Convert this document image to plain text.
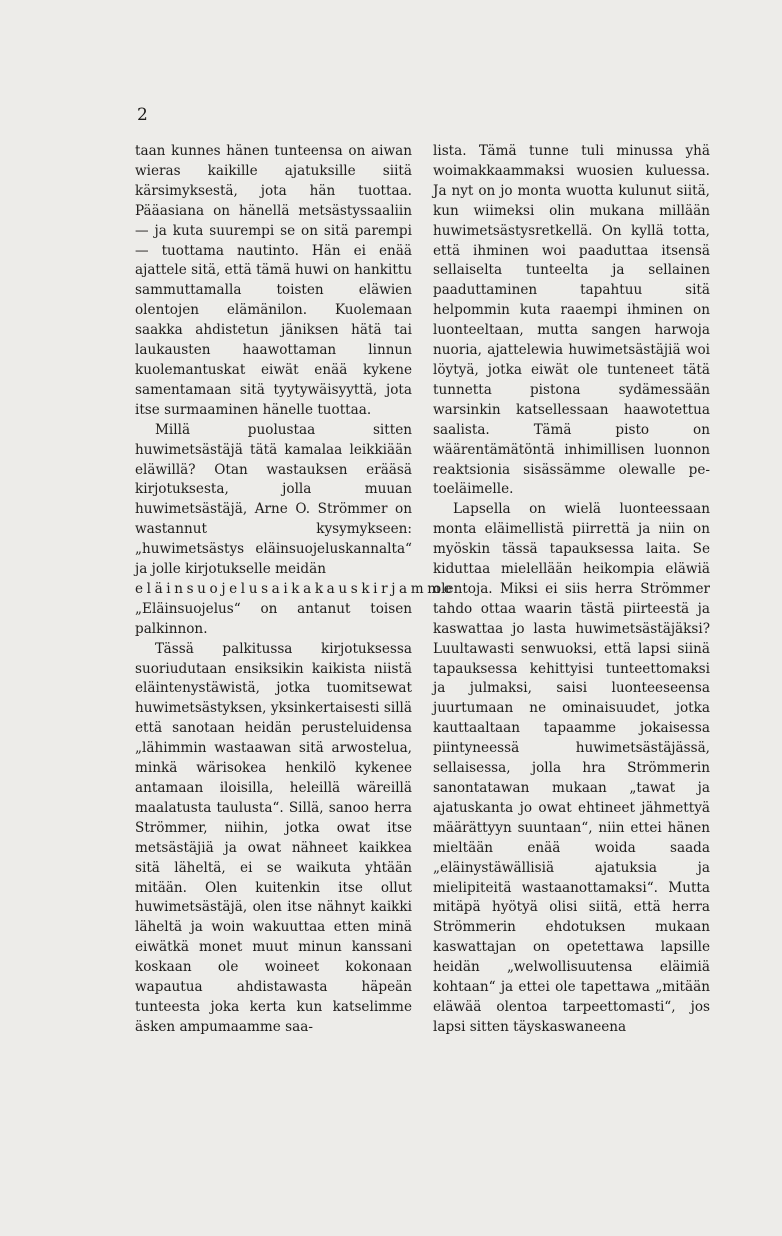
2

taan kunnes hänen tunteensa on aiwan wieras kaikille ajatuksille siitä kärsimyksestä, jota hän tuottaa. Pääasiana on hänellä metsästyssaaliin — ja kuta suurempi se on sitä parempi — tuottama nautinto. Hän ei enää ajattele sitä, että tämä huwi on hankittu sammuttamalla toisten eläwien olentojen elämänilon. Kuolemaan saakka ahdistetun jäniksen hätä tai laukausten haawottaman linnun kuolemantuskat eiwät enää kykene samentamaan sitä tyytywäisyyttä, jota itse surmaaminen hänelle tuottaa.

Millä puolustaa sitten huwimetsästäjä tätä kamalaa leikkiään eläwillä? Otan wastauksen erääsä kirjotuksesta, jolla muuan huwimetsästäjä, Arne O. Strömmer on wastannut kysymykseen: „huwimetsästys eläinsuojeluskannalta“ ja jolle kirjotukselle meidän

eläinsuojelusaikakauskirjamme

„Eläinsuojelus“ on antanut toisen palkinnon.

Tässä palkitussa kirjotuksessa suoriudutaan ensiksikin kaikista niistä eläintenystäwistä, jotka tuomitsewat huwimetsästyksen, yksinkertaisesti sillä että sanotaan heidän perusteluidensa „lähimmin wastaawan sitä arwostelua, minkä wärisokea henkilö kykenee antamaan iloisilla, heleillä wäreillä maalatusta taulusta“. Sillä, sanoo herra Strömmer, niihin, jotka owat itse metsästäjiä ja owat nähneet kaikkea sitä läheltä, ei se waikuta yhtään mitään. Olen kuitenkin itse ollut huwimetsästäjä, olen itse nähnyt kaikki läheltä ja woin wakuuttaa etten minä eiwätkä monet muut minun kanssani koskaan ole woineet kokonaan wapautua ahdistawasta häpeän tunteesta joka kerta kun katselimme äsken ampumaamme saa-

lista. Tämä tunne tuli minussa yhä woimakkaammaksi wuosien kuluessa. Ja nyt on jo monta wuotta kulunut siitä, kun wiimeksi olin mukana millään huwimetsästysretkellä. On kyllä totta, että ihminen woi paaduttaa itsensä sellaiselta tunteelta ja sellainen paaduttaminen tapahtuu sitä helpommin kuta raaempi ihminen on luonteeltaan, mutta sangen harwoja nuoria, ajattelewia huwimetsästäjiä woi löytyä, jotka eiwät ole tunteneet tätä tunnetta pistona sydämessään warsinkin katsellessaan haawotettua saalista. Tämä pisto on wäärentämätöntä inhimillisen luonnon reaktsionia sisässämme olewalle pe-toeläimelle.

Lapsella on wielä luonteessaan monta eläimellistä piirrettä ja niin on myöskin tässä tapauksessa laita. Se kiduttaa mielellään heikompia eläwiä olentoja. Miksi ei siis herra Strömmer tahdo ottaa waarin tästä piirteestä ja kaswattaa jo lasta huwimetsästäjäksi? Luultawasti senwuoksi, että lapsi siinä tapauksessa kehittyisi tunteettomaksi ja julmaksi, saisi luonteeseensa juurtumaan ne ominaisuudet, jotka kauttaaltaan tapaamme jokaisessa piintyneessä huwimetsästäjässä, sellaisessa, jolla hra Strömmerin sanontatawan mukaan „tawat ja ajatuskanta jo owat ehtineet jähmettyä määrättyyn suuntaan“, niin ettei hänen mieltään enää woida saada „eläinystäwällisiä ajatuksia ja mielipiteitä wastaanottamaksi“. Mutta mitäpä hyötyä olisi siitä, että herra Strömmerin ehdotuksen mukaan kaswattajan on opetettawa lapsille heidän „welwollisuutensa eläimiä kohtaan“ ja ettei ole tapettawa „mitään eläwää olentoa tarpeettomasti“, jos lapsi sitten täyskaswaneena
